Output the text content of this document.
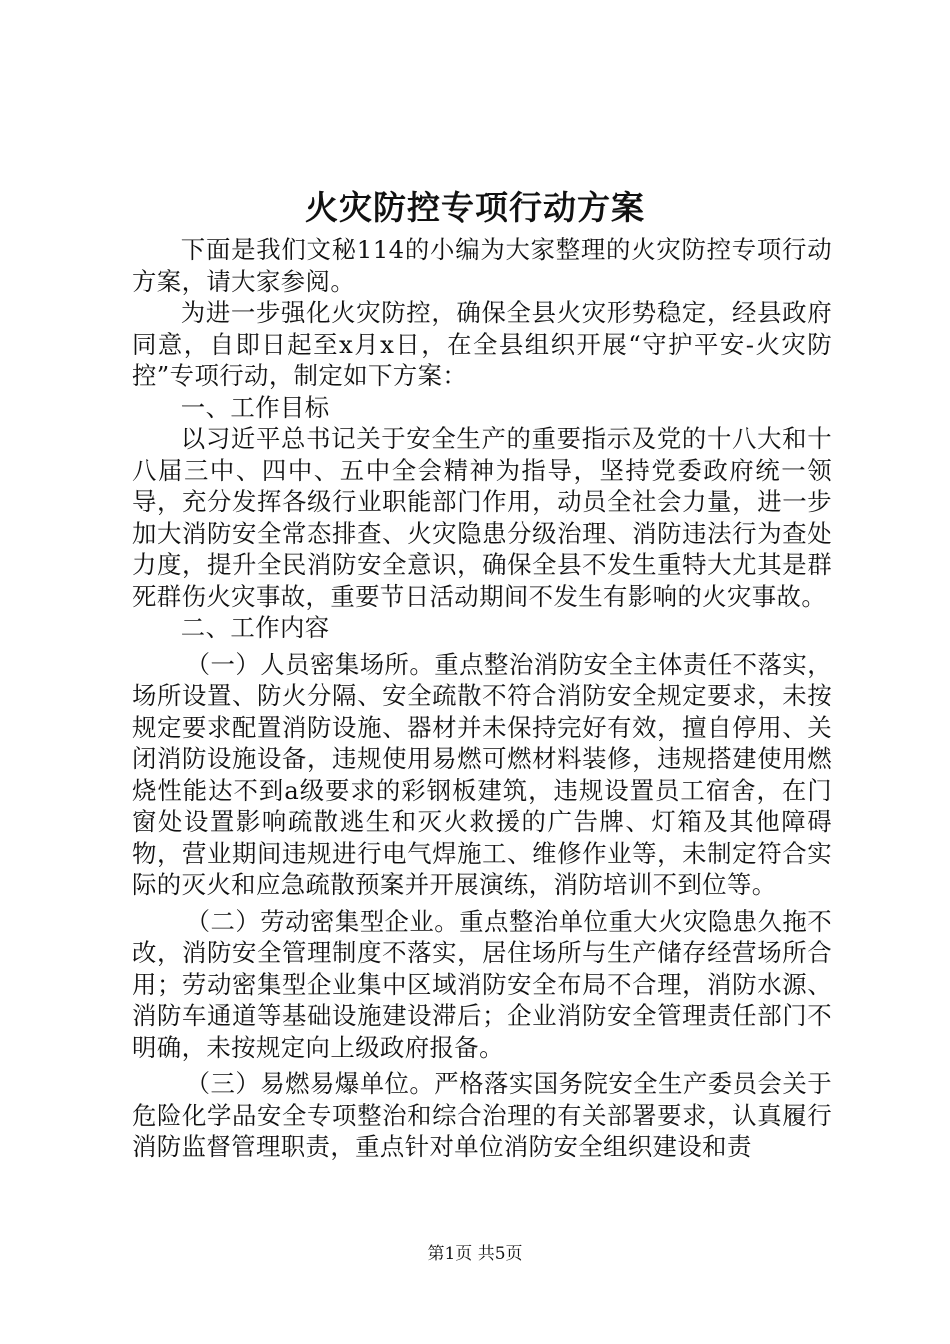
火灾防控专项行动方案

下面是我们文秘114的小编为大家整理的火灾防控专项行动方案，请大家参阅。

为进一步强化火灾防控，确保全县火灾形势稳定，经县政府同意，自即日起至x月x日，在全县组织开展“守护平安-火灾防控”专项行动，制定如下方案：

一、工作目标

以习近平总书记关于安全生产的重要指示及党的十八大和十八届三中、四中、五中全会精神为指导，坚持党委政府统一领导，充分发挥各级行业职能部门作用，动员全社会力量，进一步加大消防安全常态排查、火灾隐患分级治理、消防违法行为查处力度，提升全民消防安全意识，确保全县不发生重特大尤其是群死群伤火灾事故，重要节日活动期间不发生有影响的火灾事故。

二、工作内容

（一）人员密集场所。重点整治消防安全主体责任不落实，场所设置、防火分隔、安全疏散不符合消防安全规定要求，未按规定要求配置消防设施、器材并未保持完好有效，擅自停用、关闭消防设施设备，违规使用易燃可燃材料装修，违规搭建使用燃烧性能达不到a级要求的彩钢板建筑，违规设置员工宿舍，在门窗处设置影响疏散逃生和灭火救援的广告牌、灯箱及其他障碍物，营业期间违规进行电气焊施工、维修作业等，未制定符合实际的灭火和应急疏散预案并开展演练，消防培训不到位等。

（二）劳动密集型企业。重点整治单位重大火灾隐患久拖不改，消防安全管理制度不落实，居住场所与生产储存经营场所合用；劳动密集型企业集中区域消防安全布局不合理，消防水源、消防车通道等基础设施建设滞后；企业消防安全管理责任部门不明确，未按规定向上级政府报备。

（三）易燃易爆单位。严格落实国务院安全生产委员会关于危险化学品安全专项整治和综合治理的有关部署要求，认真履行消防监督管理职责，重点针对单位消防安全组织建设和责

第1页 共5页
